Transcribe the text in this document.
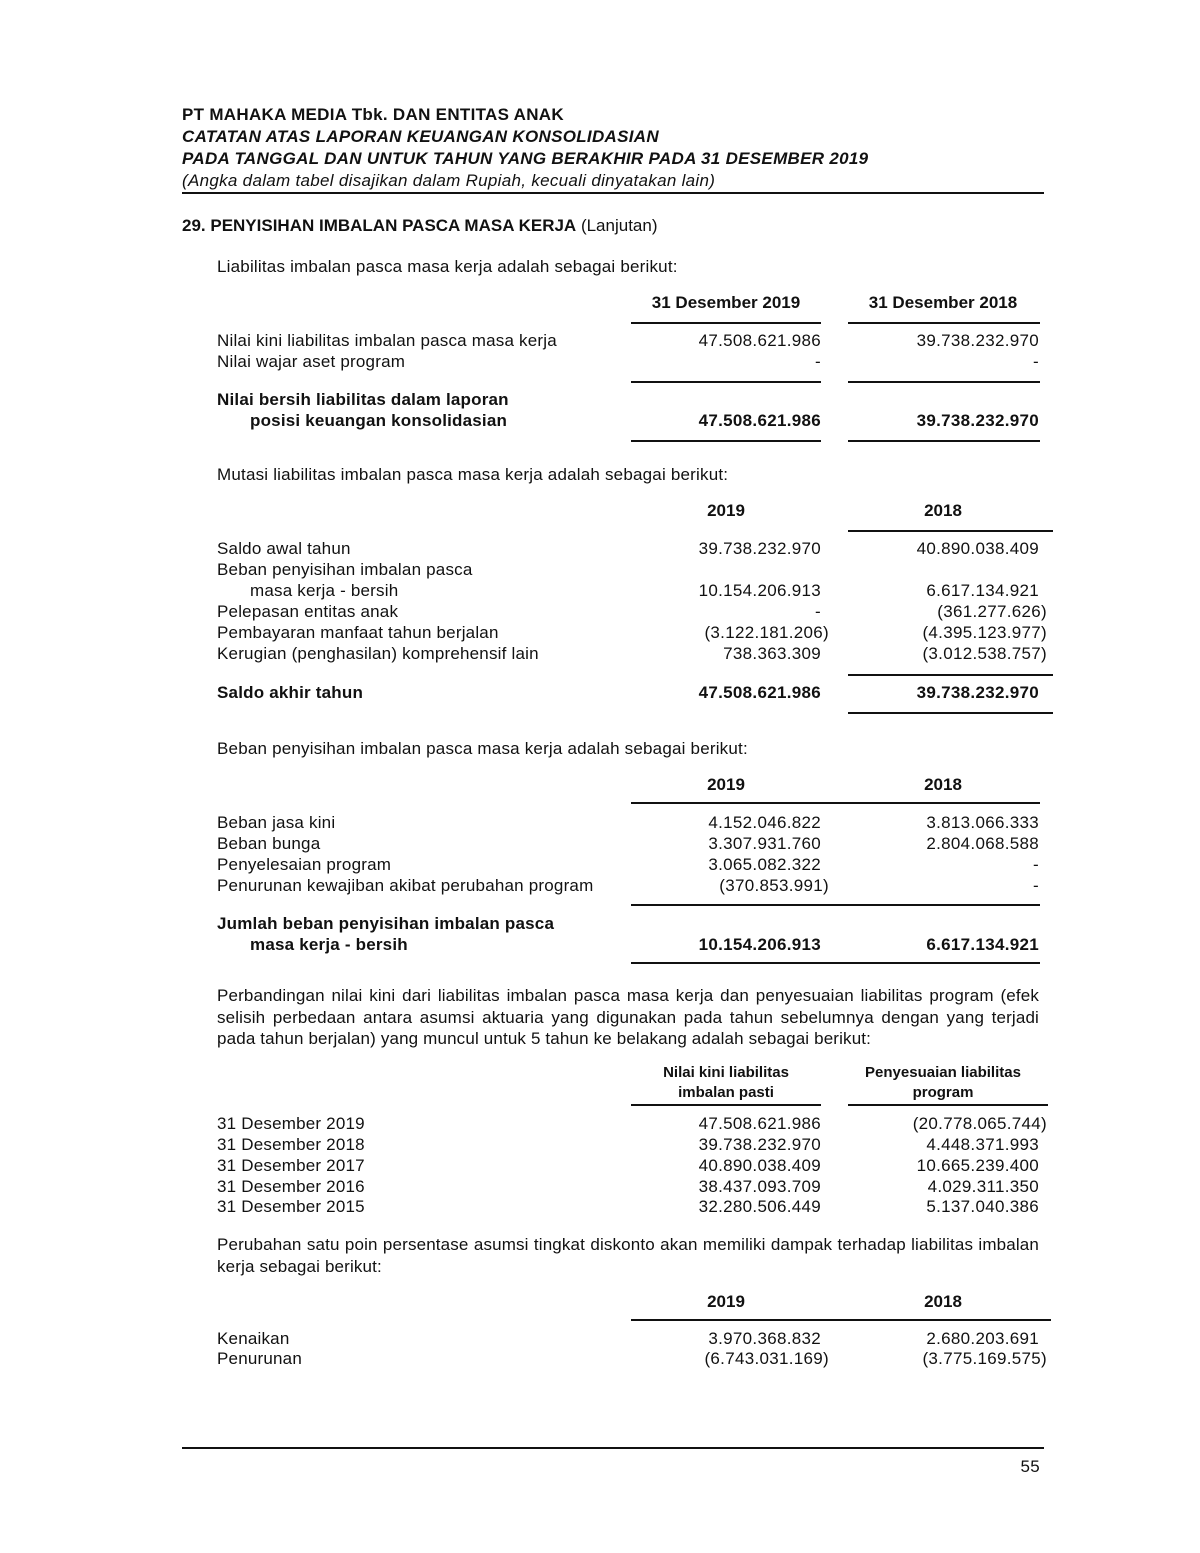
PT MAHAKA MEDIA Tbk. DAN ENTITAS ANAK
CATATAN ATAS LAPORAN KEUANGAN KONSOLIDASIAN
PADA TANGGAL DAN UNTUK TAHUN YANG BERAKHIR PADA 31 DESEMBER 2019
(Angka dalam tabel disajikan dalam Rupiah, kecuali dinyatakan lain)
29. PENYISIHAN IMBALAN PASCA MASA KERJA (Lanjutan)
Liabilitas imbalan pasca masa kerja adalah sebagai berikut:
31 Desember 2019	31 Desember 2018
Nilai kini liabilitas imbalan pasca masa kerja	47.508.621.986	39.738.232.970
Nilai wajar aset program	-	-
Nilai bersih liabilitas dalam laporan
posisi keuangan konsolidasian	47.508.621.986	39.738.232.970
Mutasi liabilitas imbalan pasca masa kerja adalah sebagai berikut:
2019	2018
Saldo awal tahun	39.738.232.970	40.890.038.409
Beban penyisihan imbalan pasca
masa kerja - bersih	10.154.206.913	6.617.134.921
Pelepasan entitas anak	-	(361.277.626)
Pembayaran manfaat tahun berjalan	(3.122.181.206)	(4.395.123.977)
Kerugian (penghasilan) komprehensif lain	738.363.309	(3.012.538.757)
Saldo akhir tahun	47.508.621.986	39.738.232.970
Beban penyisihan imbalan pasca masa kerja adalah sebagai berikut:
2019	2018
Beban jasa kini	4.152.046.822	3.813.066.333
Beban bunga	3.307.931.760	2.804.068.588
Penyelesaian program	3.065.082.322	-
Penurunan kewajiban akibat perubahan program	(370.853.991)	-
Jumlah beban penyisihan imbalan pasca
masa kerja - bersih	10.154.206.913	6.617.134.921
Perbandingan nilai kini dari liabilitas imbalan pasca masa kerja dan penyesuaian liabilitas program (efek selisih perbedaan antara asumsi aktuaria yang digunakan pada tahun sebelumnya dengan yang terjadi pada tahun berjalan) yang muncul untuk 5 tahun ke belakang adalah sebagai berikut:
Nilai kini liabilitas
imbalan pasti
Penyesuaian liabilitas
program
31 Desember 2019	47.508.621.986	(20.778.065.744)
31 Desember 2018	39.738.232.970	4.448.371.993
31 Desember 2017	40.890.038.409	10.665.239.400
31 Desember 2016	38.437.093.709	4.029.311.350
31 Desember 2015	32.280.506.449	5.137.040.386
Perubahan satu poin persentase asumsi tingkat diskonto akan memiliki dampak terhadap liabilitas imbalan kerja sebagai berikut:
2019	2018
Kenaikan	3.970.368.832	2.680.203.691
Penurunan	(6.743.031.169)	(3.775.169.575)
55
